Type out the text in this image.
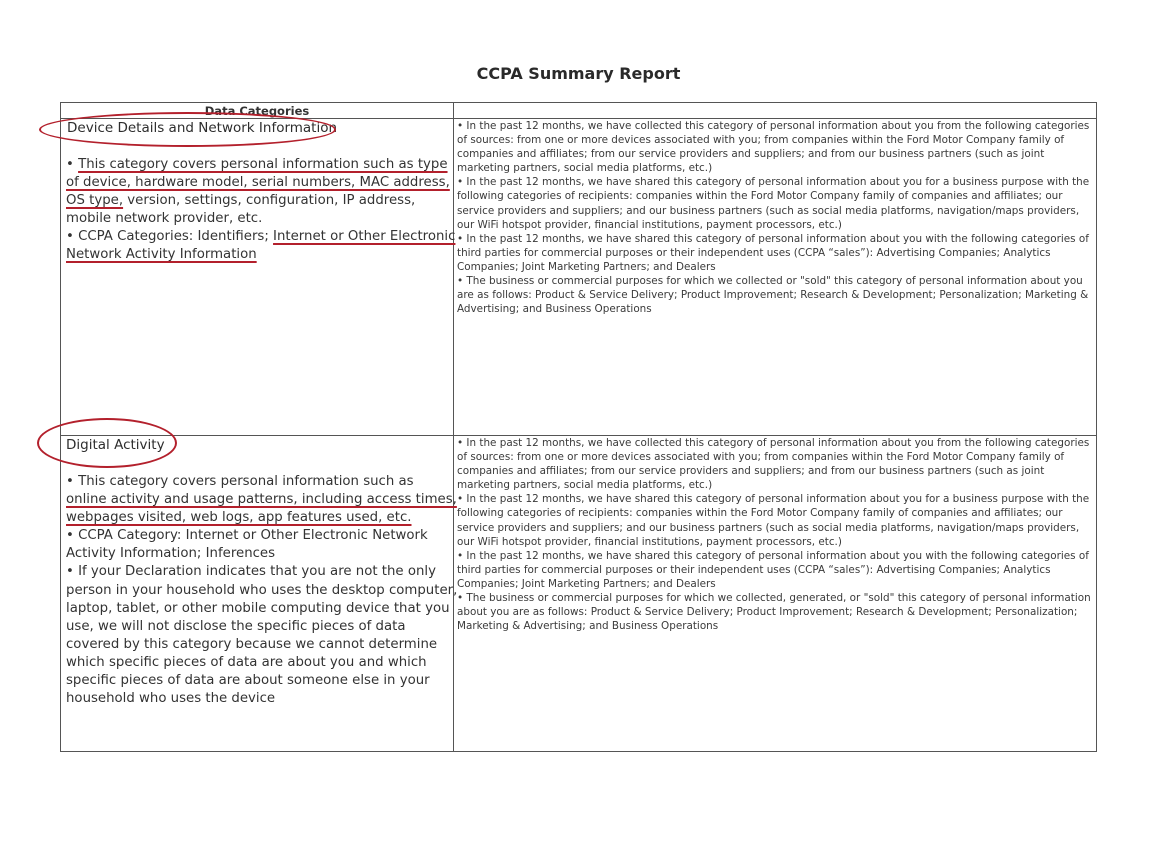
CCPA Summary Report
Data Categories
Device Details and Network Information

• This category covers personal information such as type of device, hardware model, serial numbers, MAC address, OS type, version, settings, configuration, IP address, mobile network provider, etc.

• CCPA Categories: Identifiers; Internet or Other Electronic Network Activity Information

• In the past 12 months, we have collected this category of personal information about you from the following categories of sources: from one or more devices associated with you; from companies within the Ford Motor Company family of companies and affiliates; from our service providers and suppliers; and from our business partners (such as joint marketing partners, social media platforms, etc.)

• In the past 12 months, we have shared this category of personal information about you for a business purpose with the following categories of recipients: companies within the Ford Motor Company family of companies and affiliates; our service providers and suppliers; and our business partners (such as social media platforms, navigation/maps providers, our WiFi hotspot provider, financial institutions, payment processors, etc.)

• In the past 12 months, we have shared this category of personal information about you with the following categories of third parties for commercial purposes or their independent uses (CCPA “sales”): Advertising Companies; Analytics Companies; Joint Marketing Partners; and Dealers

• The business or commercial purposes for which we collected or "sold" this category of personal information about you are as follows: Product & Service Delivery; Product Improvement; Research & Development; Personalization; Marketing & Advertising; and Business Operations

Digital Activity

• This category covers personal information such as online activity and usage patterns, including access times, webpages visited, web logs, app features used, etc.

• CCPA Category: Internet or Other Electronic Network Activity Information; Inferences

• If your Declaration indicates that you are not the only person in your household who uses the desktop computer, laptop, tablet, or other mobile computing device that you use, we will not disclose the specific pieces of data covered by this category because we cannot determine which specific pieces of data are about you and which specific pieces of data are about someone else in your household who uses the device

• In the past 12 months, we have collected this category of personal information about you from the following categories of sources: from one or more devices associated with you; from companies within the Ford Motor Company family of companies and affiliates; from our service providers and suppliers; and from our business partners (such as joint marketing partners, social media platforms, etc.)

• In the past 12 months, we have shared this category of personal information about you for a business purpose with the following categories of recipients: companies within the Ford Motor Company family of companies and affiliates; our service providers and suppliers; and our business partners (such as social media platforms, navigation/maps providers, our WiFi hotspot provider, financial institutions, payment processors, etc.)

• In the past 12 months, we have shared this category of personal information about you with the following categories of third parties for commercial purposes or their independent uses (CCPA “sales”): Advertising Companies; Analytics Companies; Joint Marketing Partners; and Dealers

• The business or commercial purposes for which we collected, generated, or "sold" this category of personal information about you are as follows: Product & Service Delivery; Product Improvement; Research & Development; Personalization; Marketing & Advertising; and Business Operations
